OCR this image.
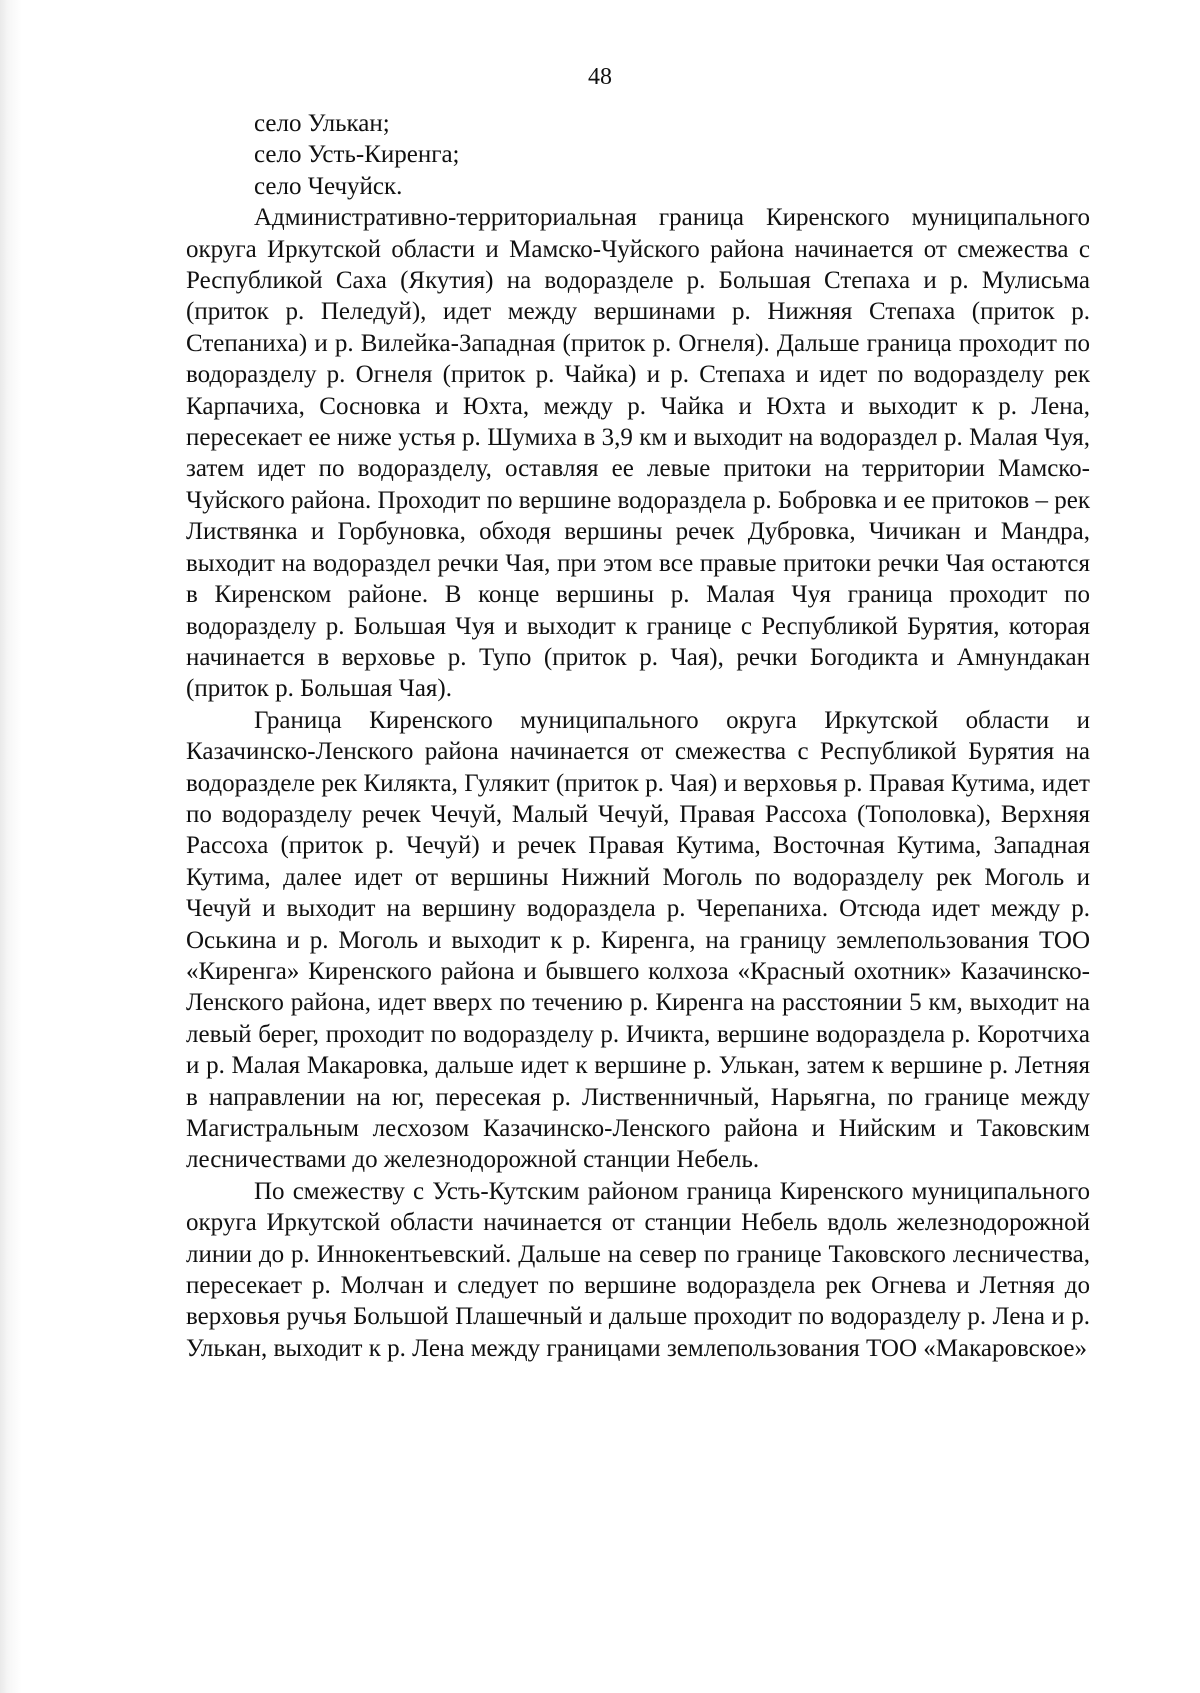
48

село Улькан;

село Усть-Киренга;

село Чечуйск.

Административно-территориальная граница Киренского муниципального округа Иркутской области и Мамско-Чуйского района начинается от смежества с Республикой Саха (Якутия) на водоразделе р. Большая Степаха и р. Мулисьма (приток р. Пеледуй), идет между вершинами р. Нижняя Степаха (приток р. Степаниха) и р. Вилейка-Западная (приток р. Огнеля). Дальше граница проходит по водоразделу р. Огнеля (приток р. Чайка) и р. Степаха и идет по водоразделу рек Карпачиха, Сосновка и Юхта, между р. Чайка и Юхта и выходит к р. Лена, пересекает ее ниже устья р. Шумиха в 3,9 км и выходит на водораздел р. Малая Чуя, затем идет по водоразделу, оставляя ее левые притоки на территории Мамско-Чуйского района. Проходит по вершине водораздела р. Бобровка и ее притоков – рек Листвянка и Горбуновка, обходя вершины речек Дубровка, Чичикан и Мандра, выходит на водораздел речки Чая, при этом все правые притоки речки Чая остаются в Киренском районе. В конце вершины р. Малая Чуя граница проходит по водоразделу р. Большая Чуя и выходит к границе с Республикой Бурятия, которая начинается в верховье р. Тупо (приток р. Чая), речки Богодикта и Амнундакан (приток р. Большая Чая).

Граница Киренского муниципального округа Иркутской области и Казачинско-Ленского района начинается от смежества с Республикой Бурятия на водоразделе рек Килякта, Гулякит (приток р. Чая) и верховья р. Правая Кутима, идет по водоразделу речек Чечуй, Малый Чечуй, Правая Рассоха (Тополовка), Верхняя Рассоха (приток р. Чечуй) и речек Правая Кутима, Восточная Кутима, Западная Кутима, далее идет от вершины Нижний Моголь по водоразделу рек Моголь и Чечуй и выходит на вершину водораздела р. Черепаниха. Отсюда идет между р. Оськина и р. Моголь и выходит к р. Киренга, на границу землепользования ТОО «Киренга» Киренского района и бывшего колхоза «Красный охотник» Казачинско-Ленского района, идет вверх по течению р. Киренга на расстоянии 5 км, выходит на левый берег, проходит по водоразделу р. Ичикта, вершине водораздела р. Коротчиха и р. Малая Макаровка, дальше идет к вершине р. Улькан, затем к вершине р. Летняя в направлении на юг, пересекая р. Лиственничный, Нарьягна, по границе между Магистральным лесхозом Казачинско-Ленского района и Нийским и Таковским лесничествами до железнодорожной станции Небель.

По смежеству с Усть-Кутским районом граница Киренского муниципального округа Иркутской области начинается от станции Небель вдоль железнодорожной линии до р. Иннокентьевский. Дальше на север по границе Таковского лесничества, пересекает р. Молчан и следует по вершине водораздела рек Огнева и Летняя до верховья ручья Большой Плашечный и дальше проходит по водоразделу р. Лена и р. Улькан, выходит к р. Лена между границами землепользования ТОО «Макаровское»
